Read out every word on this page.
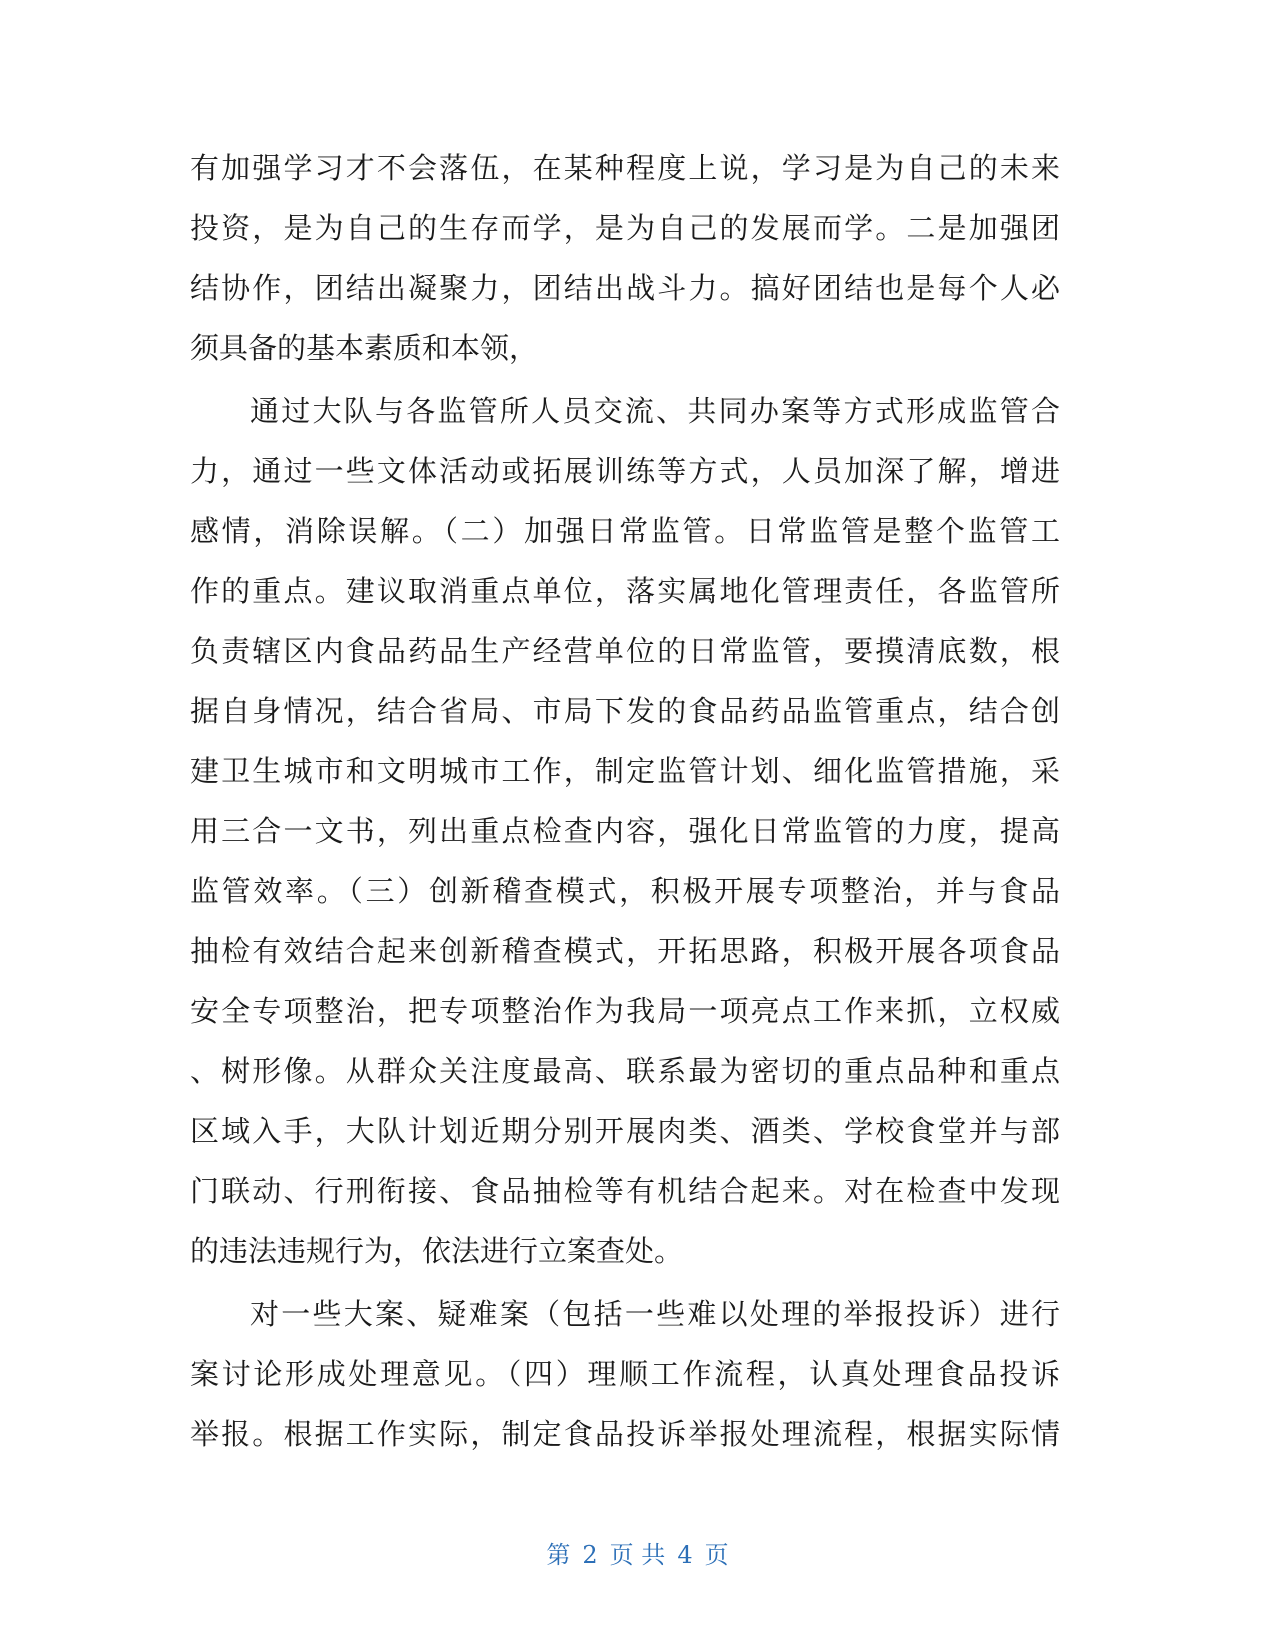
有加强学习才不会落伍，在某种程度上说，学习是为自己的未来
投资，是为自己的生存而学，是为自己的发展而学。二是加强团
结协作，团结出凝聚力，团结出战斗力。搞好团结也是每个人必
须具备的基本素质和本领，
通过大队与各监管所人员交流、共同办案等方式形成监管合
力，通过一些文体活动或拓展训练等方式，人员加深了解，增进
感情，消除误解。（二）加强日常监管。日常监管是整个监管工
作的重点。建议取消重点单位，落实属地化管理责任，各监管所
负责辖区内食品药品生产经营单位的日常监管，要摸清底数，根
据自身情况，结合省局、市局下发的食品药品监管重点，结合创
建卫生城市和文明城市工作，制定监管计划、细化监管措施，采
用三合一文书，列出重点检查内容，强化日常监管的力度，提高
监管效率。（三）创新稽查模式，积极开展专项整治，并与食品
抽检有效结合起来创新稽查模式，开拓思路，积极开展各项食品
安全专项整治，把专项整治作为我局一项亮点工作来抓，立权威
、树形像。从群众关注度最高、联系最为密切的重点品种和重点
区域入手，大队计划近期分别开展肉类、酒类、学校食堂并与部
门联动、行刑衔接、食品抽检等有机结合起来。对在检查中发现
的违法违规行为，依法进行立案查处。
对一些大案、疑难案（包括一些难以处理的举报投诉）进行
案讨论形成处理意见。（四）理顺工作流程，认真处理食品投诉
举报。根据工作实际，制定食品投诉举报处理流程，根据实际情
第 2 页 共 4 页
